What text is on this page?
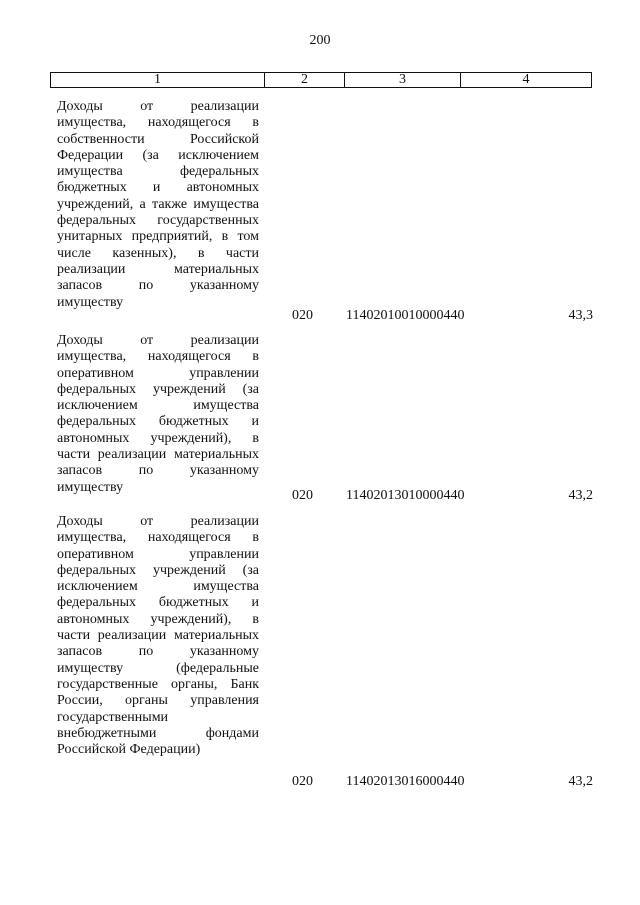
200
1	2	3	4
Доходы от реализации имущества, находящегося в собственности Российской Федерации (за исключением имущества федеральных бюджетных и автономных учреждений, а также имущества федеральных государственных унитарных предприятий, в том числе казенных), в части реализации материальных запасов по указанному имуществу
020 11402010010000440	43,3
Доходы от реализации имущества, находящегося в оперативном управлении федеральных учреждений (за исключением имущества федеральных бюджетных и автономных учреждений), в части реализации материальных запасов по указанному имуществу
020 11402013010000440	43,2
Доходы от реализации имущества, находящегося в оперативном управлении федеральных учреждений (за исключением имущества федеральных бюджетных и автономных учреждений), в части реализации материальных запасов по указанному имуществу (федеральные государственные органы, Банк России, органы управления государственными внебюджетными фондами Российской Федерации)
020 11402013016000440	43,2
